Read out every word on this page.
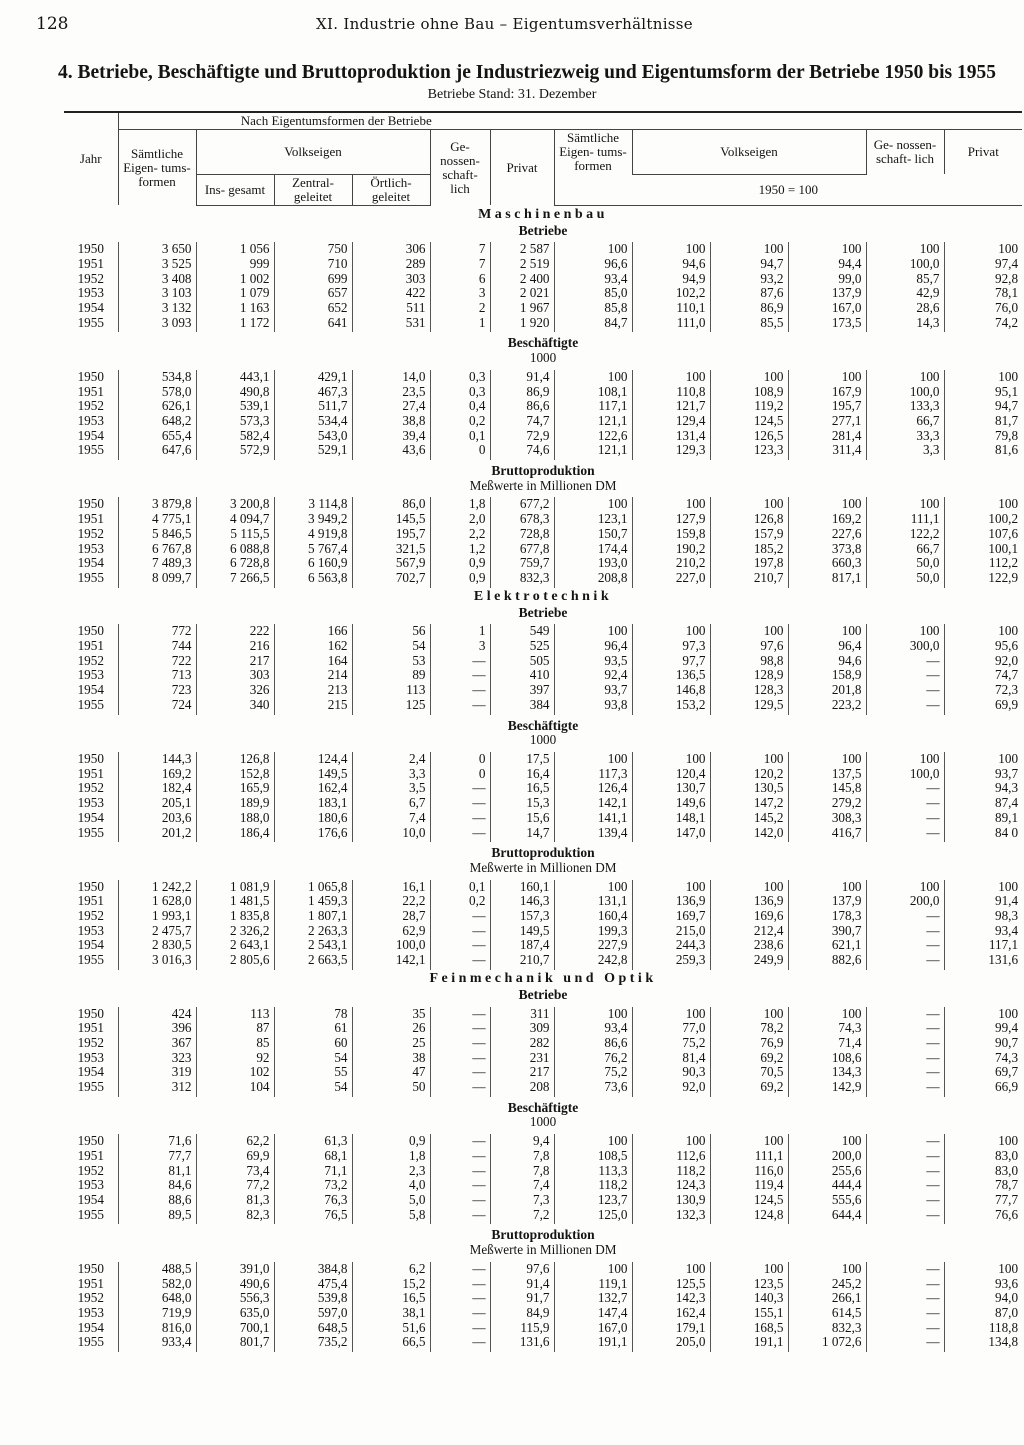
128	XI. Industrie ohne Bau – Eigentumsverhältnisse
4. Betriebe, Beschäftigte und Bruttoproduktion je Industriezweig und Eigentumsform der Betriebe 1950 bis 1955
Betriebe Stand: 31. Dezember
Jahr	Nach Eigentumsformen der Betriebe											
	Sämtliche Eigen- tums- formen	Volkseigen			Ge- nossen- schaft- lich	Privat	Sämtliche Eigen- tums- formen	Volkseigen			Ge- nossen- schaft- lich	Privat
		Ins- gesamt	Zentral- geleitet	Örtlich- geleitet			1950 = 100					
Maschinenbau												
Betriebe												

1950	3 650	1 056	750	306	7	2 587	100	100	100	100	100	100
1951	3 525	999	710	289	7	2 519	96,6	94,6	94,7	94,4	100,0	97,4
1952	3 408	1 002	699	303	6	2 400	93,4	94,9	93,2	99,0	85,7	92,8
1953	3 103	1 079	657	422	3	2 021	85,0	102,2	87,6	137,9	42,9	78,1
1954	3 132	1 163	652	511	2	1 967	85,8	110,1	86,9	167,0	28,6	76,0
1955	3 093	1 172	641	531	1	1 920	84,7	111,0	85,5	173,5	14,3	74,2

Beschäftigte												
1000												

1950	534,8	443,1	429,1	14,0	0,3	91,4	100	100	100	100	100	100
1951	578,0	490,8	467,3	23,5	0,3	86,9	108,1	110,8	108,9	167,9	100,0	95,1
1952	626,1	539,1	511,7	27,4	0,4	86,6	117,1	121,7	119,2	195,7	133,3	94,7
1953	648,2	573,3	534,4	38,8	0,2	74,7	121,1	129,4	124,5	277,1	66,7	81,7
1954	655,4	582,4	543,0	39,4	0,1	72,9	122,6	131,4	126,5	281,4	33,3	79,8
1955	647,6	572,9	529,1	43,6	0	74,6	121,1	129,3	123,3	311,4	3,3	81,6

Bruttoproduktion												
Meßwerte in Millionen DM												

1950	3 879,8	3 200,8	3 114,8	86,0	1,8	677,2	100	100	100	100	100	100
1951	4 775,1	4 094,7	3 949,2	145,5	2,0	678,3	123,1	127,9	126,8	169,2	111,1	100,2
1952	5 846,5	5 115,5	4 919,8	195,7	2,2	728,8	150,7	159,8	157,9	227,6	122,2	107,6
1953	6 767,8	6 088,8	5 767,4	321,5	1,2	677,8	174,4	190,2	185,2	373,8	66,7	100,1
1954	7 489,3	6 728,8	6 160,9	567,9	0,9	759,7	193,0	210,2	197,8	660,3	50,0	112,2
1955	8 099,7	7 266,5	6 563,8	702,7	0,9	832,3	208,8	227,0	210,7	817,1	50,0	122,9
Elektrotechnik												
Betriebe												

1950	772	222	166	56	1	549	100	100	100	100	100	100
1951	744	216	162	54	3	525	96,4	97,3	97,6	96,4	300,0	95,6
1952	722	217	164	53	—	505	93,5	97,7	98,8	94,6	—	92,0
1953	713	303	214	89	—	410	92,4	136,5	128,9	158,9	—	74,7
1954	723	326	213	113	—	397	93,7	146,8	128,3	201,8	—	72,3
1955	724	340	215	125	—	384	93,8	153,2	129,5	223,2	—	69,9

Beschäftigte												
1000												

1950	144,3	126,8	124,4	2,4	0	17,5	100	100	100	100	100	100
1951	169,2	152,8	149,5	3,3	0	16,4	117,3	120,4	120,2	137,5	100,0	93,7
1952	182,4	165,9	162,4	3,5	—	16,5	126,4	130,7	130,5	145,8	—	94,3
1953	205,1	189,9	183,1	6,7	—	15,3	142,1	149,6	147,2	279,2	—	87,4
1954	203,6	188,0	180,6	7,4	—	15,6	141,1	148,1	145,2	308,3	—	89,1
1955	201,2	186,4	176,6	10,0	—	14,7	139,4	147,0	142,0	416,7	—	84 0

Bruttoproduktion												
Meßwerte in Millionen DM												

1950	1 242,2	1 081,9	1 065,8	16,1	0,1	160,1	100	100	100	100	100	100
1951	1 628,0	1 481,5	1 459,3	22,2	0,2	146,3	131,1	136,9	136,9	137,9	200,0	91,4
1952	1 993,1	1 835,8	1 807,1	28,7	—	157,3	160,4	169,7	169,6	178,3	—	98,3
1953	2 475,7	2 326,2	2 263,3	62,9	—	149,5	199,3	215,0	212,4	390,7	—	93,4
1954	2 830,5	2 643,1	2 543,1	100,0	—	187,4	227,9	244,3	238,6	621,1	—	117,1
1955	3 016,3	2 805,6	2 663,5	142,1	—	210,7	242,8	259,3	249,9	882,6	—	131,6
Feinmechanik und Optik												
Betriebe												

1950	424	113	78	35	—	311	100	100	100	100	—	100
1951	396	87	61	26	—	309	93,4	77,0	78,2	74,3	—	99,4
1952	367	85	60	25	—	282	86,6	75,2	76,9	71,4	—	90,7
1953	323	92	54	38	—	231	76,2	81,4	69,2	108,6	—	74,3
1954	319	102	55	47	—	217	75,2	90,3	70,5	134,3	—	69,7
1955	312	104	54	50	—	208	73,6	92,0	69,2	142,9	—	66,9

Beschäftigte												
1000												

1950	71,6	62,2	61,3	0,9	—	9,4	100	100	100	100	—	100
1951	77,7	69,9	68,1	1,8	—	7,8	108,5	112,6	111,1	200,0	—	83,0
1952	81,1	73,4	71,1	2,3	—	7,8	113,3	118,2	116,0	255,6	—	83,0
1953	84,6	77,2	73,2	4,0	—	7,4	118,2	124,3	119,4	444,4	—	78,7
1954	88,6	81,3	76,3	5,0	—	7,3	123,7	130,9	124,5	555,6	—	77,7
1955	89,5	82,3	76,5	5,8	—	7,2	125,0	132,3	124,8	644,4	—	76,6

Bruttoproduktion												
Meßwerte in Millionen DM												

1950	488,5	391,0	384,8	6,2	—	97,6	100	100	100	100	—	100
1951	582,0	490,6	475,4	15,2	—	91,4	119,1	125,5	123,5	245,2	—	93,6
1952	648,0	556,3	539,8	16,5	—	91,7	132,7	142,3	140,3	266,1	—	94,0
1953	719,9	635,0	597,0	38,1	—	84,9	147,4	162,4	155,1	614,5	—	87,0
1954	816,0	700,1	648,5	51,6	—	115,9	167,0	179,1	168,5	832,3	—	118,8
1955	933,4	801,7	735,2	66,5	—	131,6	191,1	205,0	191,1	1 072,6	—	134,8
